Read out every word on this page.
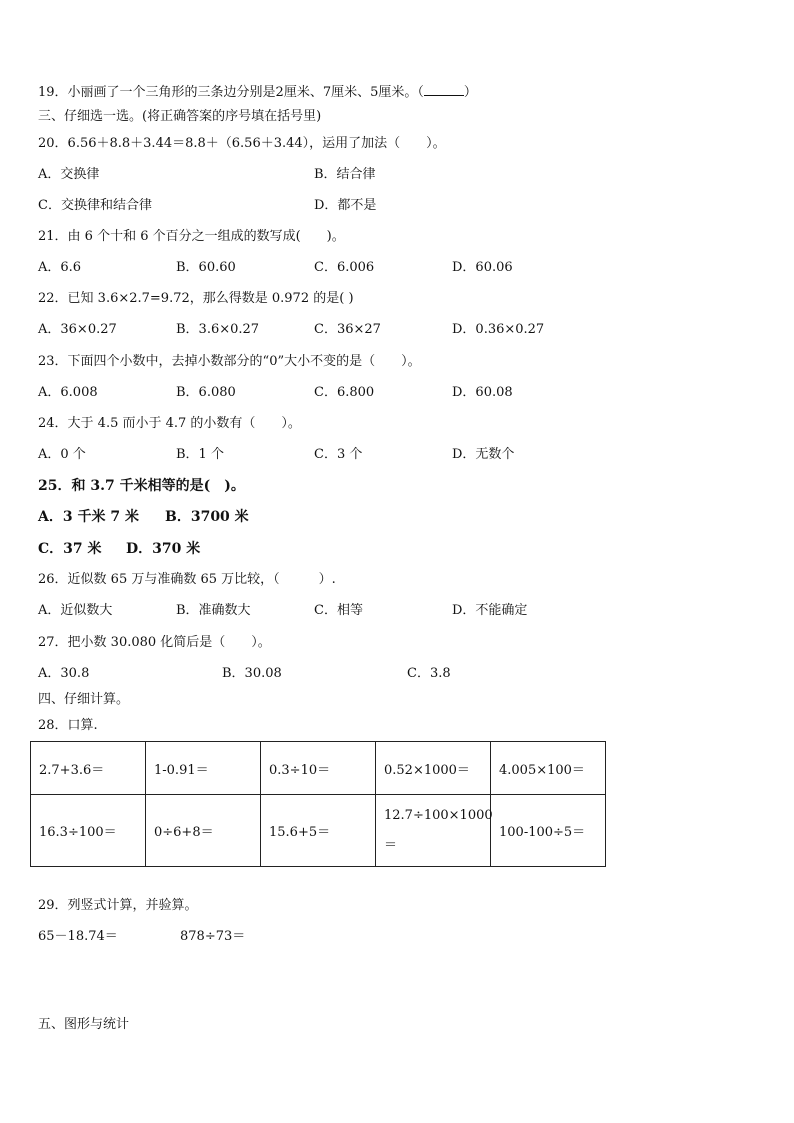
19．小丽画了一个三角形的三条边分别是2厘米、7厘米、5厘米。（	）
三、仔细选一选。(将正确答案的序号填在括号里)
20．6.56＋8.8＋3.44＝8.8＋（6.56＋3.44），运用了加法（　　）。
A．交换律	B．结合律
C．交换律和结合律	D．都不是
21．由 6 个十和 6 个百分之一组成的数写成(　　)。
A．6.6	B．60.60	C．6.006	D．60.06
22．已知 3.6×2.7=9.72，那么得数是 0.972 的是( )
A．36×0.27	B．3.6×0.27	C．36×27	D．0.36×0.27
23．下面四个小数中，去掉小数部分的“0”大小不变的是（　　）。
A．6.008	B．6.080	C．6.800	D．60.08
24．大于 4.5 而小于 4.7 的小数有（　　）。
A．0 个	B．1 个	C．3 个	D．无数个
25．和 3.7 千米相等的是(　)。
A．3 千米 7 米 B．3700 米
C．37 米 D．370 米
26．近似数 65 万与准确数 65 万比较，（　　　）.
A．近似数大	B．准确数大	C．相等	D．不能确定
27．把小数 30.080 化简后是（　　）。
A．30.8	B．30.08	C．3.8
四、仔细计算。
28．口算.
2.7+3.6＝	1-0.91＝	0.3÷10＝	0.52×1000＝	4.005×100＝
16.3÷100＝	0÷6+8＝	15.6+5＝	12.7÷100×1000＝	100-100÷5＝
29．列竖式计算，并验算。
65－18.74＝	878÷73＝
五、图形与统计
